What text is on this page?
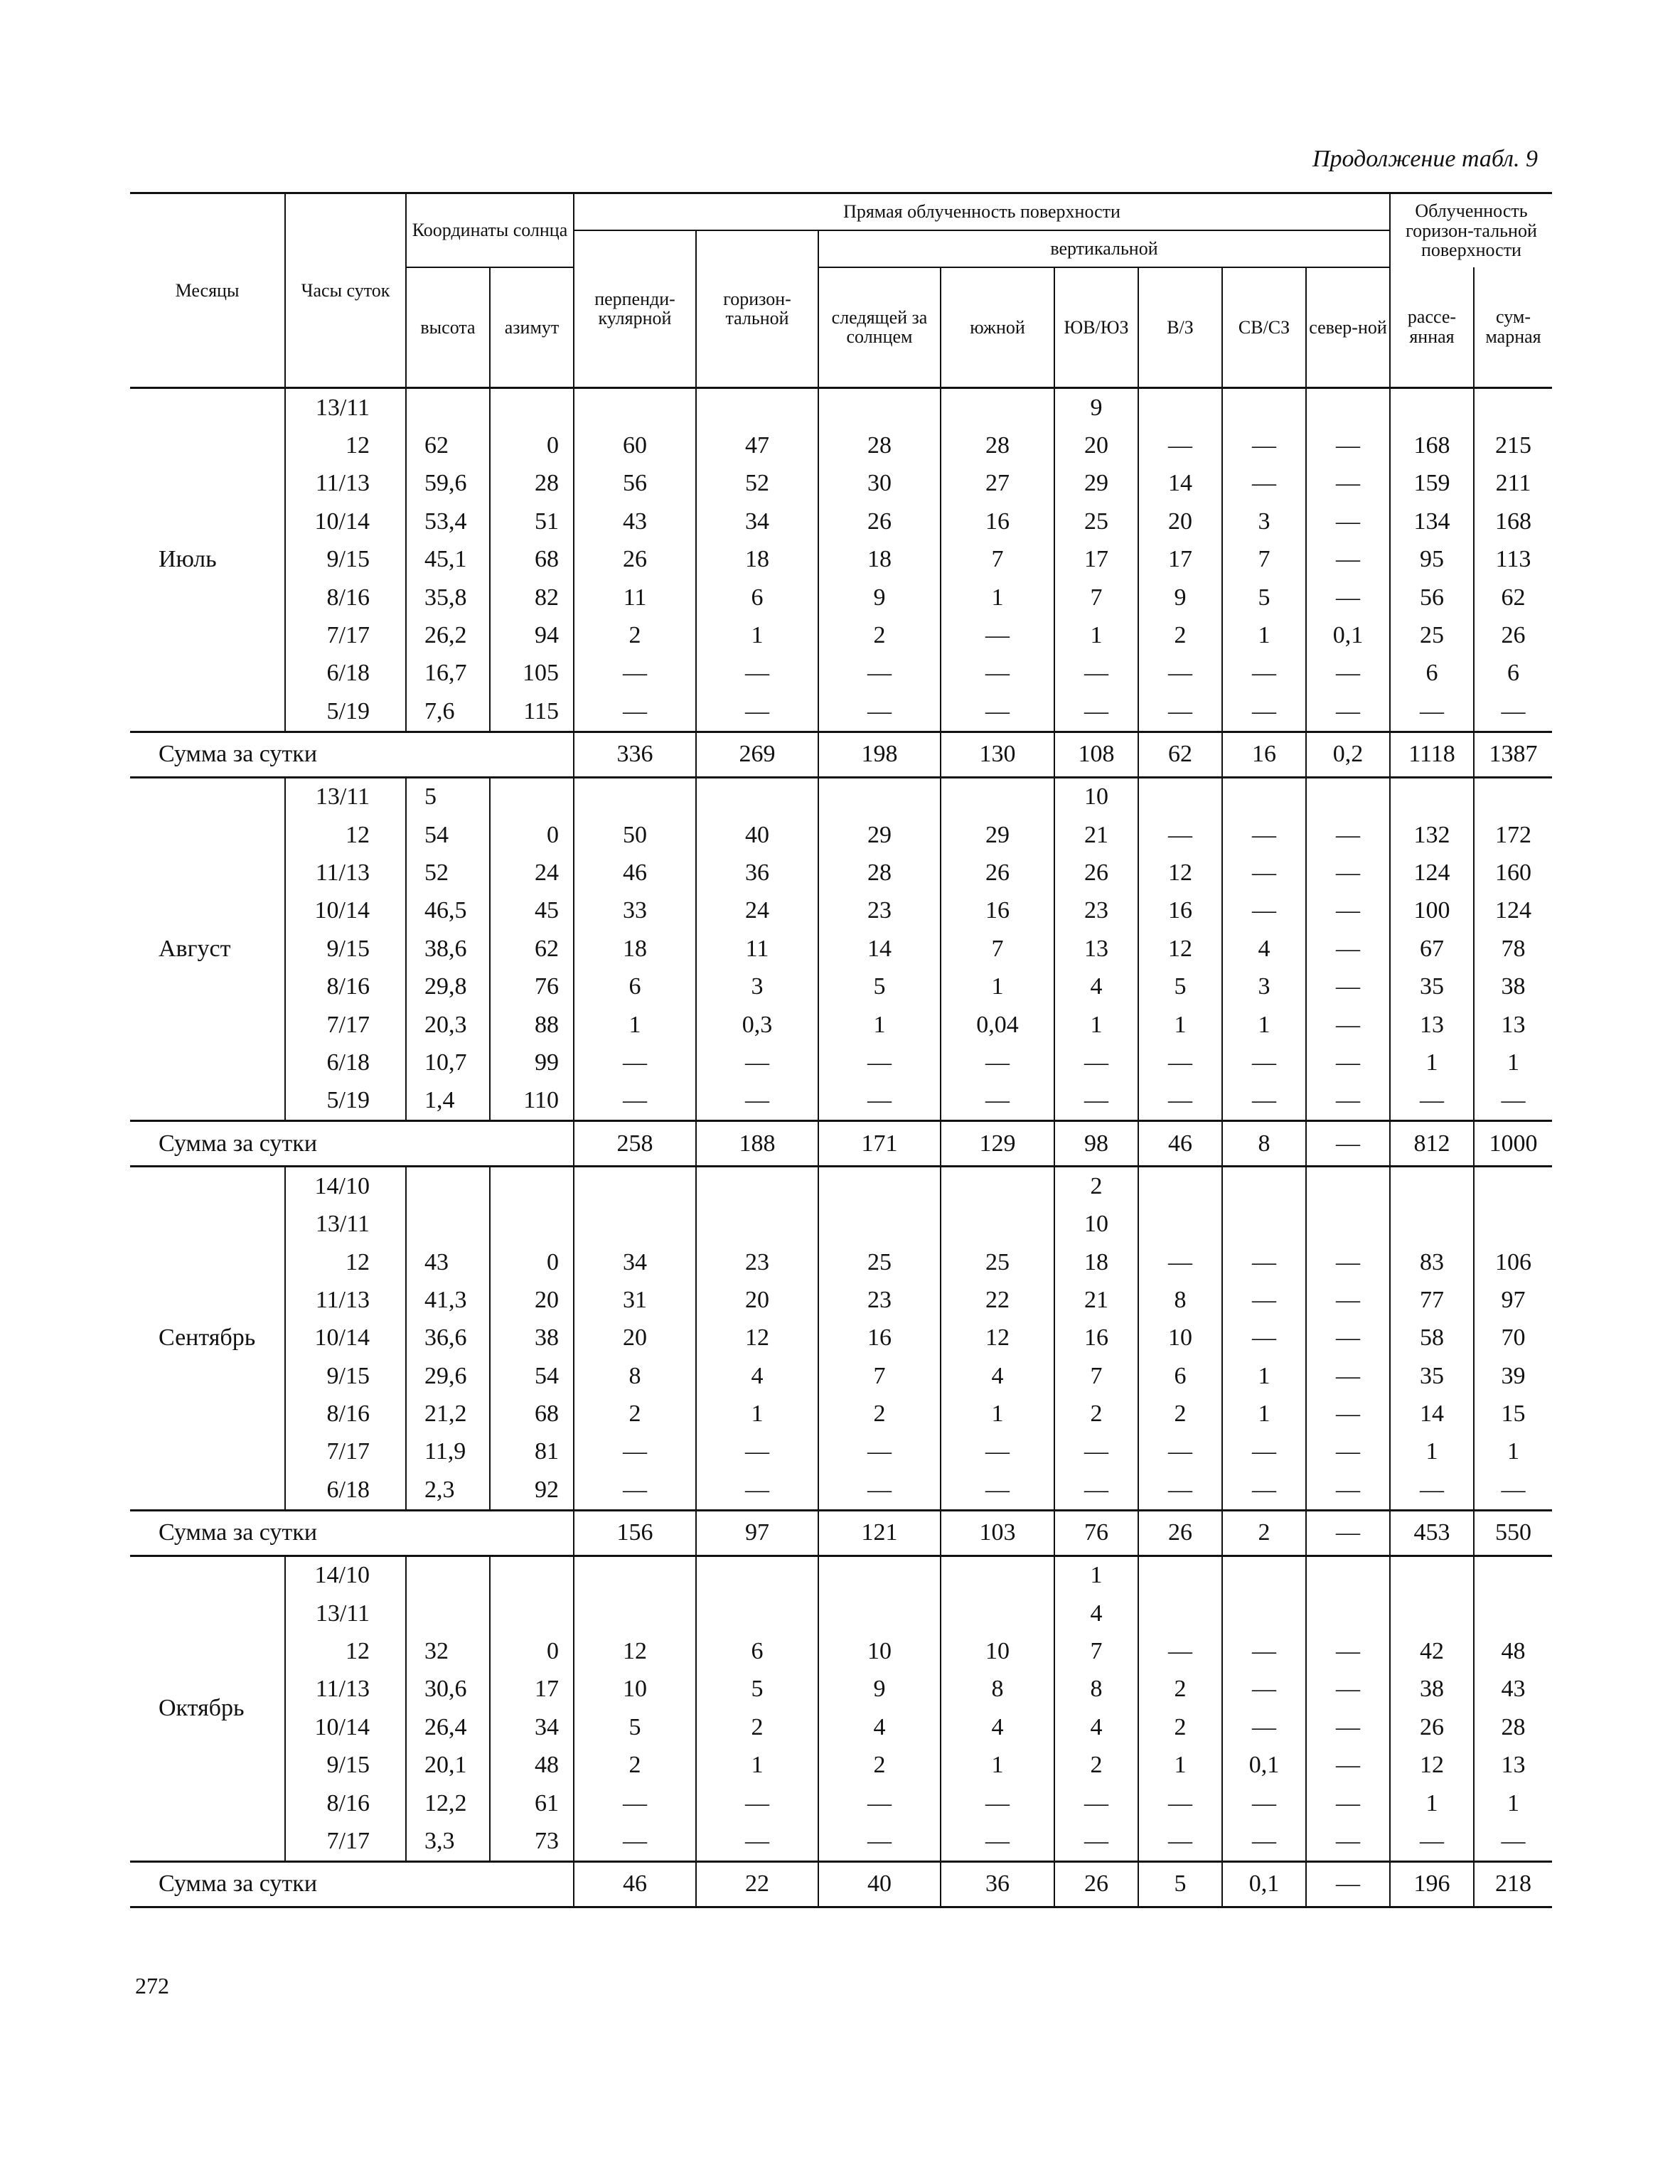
Продолжение табл. 9
Месяцы	Часы суток	Координаты солнца		Прямая облученность поверхности								Облученность горизон-тальной поверхности	
				перпенди-кулярной	горизон-тальной	вертикальной							
		высота	азимут			следящей за солнцем	южной	ЮВ/ЮЗ	В/З	СВ/СЗ	север-ной	рассе-янная	сум-марная
Июль	13/11							9					
	12	62	0	60	47	28	28	20	—	—	—	168	215
	11/13	59,6	28	56	52	30	27	29	14	—	—	159	211
	10/14	53,4	51	43	34	26	16	25	20	3	—	134	168
	9/15	45,1	68	26	18	18	7	17	17	7	—	95	113
	8/16	35,8	82	11	6	9	1	7	9	5	—	56	62
	7/17	26,2	94	2	1	2	—	1	2	1	0,1	25	26
	6/18	16,7	105	—	—	—	—	—	—	—	—	6	6
	5/19	7,6	115	—	—	—	—	—	—	—	—	—	—
Сумма за сутки				336	269	198	130	108	62	16	0,2	1118	1387
Август	13/11	5						10					
	12	54	0	50	40	29	29	21	—	—	—	132	172
	11/13	52	24	46	36	28	26	26	12	—	—	124	160
	10/14	46,5	45	33	24	23	16	23	16	—	—	100	124
	9/15	38,6	62	18	11	14	7	13	12	4	—	67	78
	8/16	29,8	76	6	3	5	1	4	5	3	—	35	38
	7/17	20,3	88	1	0,3	1	0,04	1	1	1	—	13	13
	6/18	10,7	99	—	—	—	—	—	—	—	—	1	1
	5/19	1,4	110	—	—	—	—	—	—	—	—	—	—
Сумма за сутки				258	188	171	129	98	46	8	—	812	1000
Сентябрь	14/10							2					
	13/11							10					
	12	43	0	34	23	25	25	18	—	—	—	83	106
	11/13	41,3	20	31	20	23	22	21	8	—	—	77	97
	10/14	36,6	38	20	12	16	12	16	10	—	—	58	70
	9/15	29,6	54	8	4	7	4	7	6	1	—	35	39
	8/16	21,2	68	2	1	2	1	2	2	1	—	14	15
	7/17	11,9	81	—	—	—	—	—	—	—	—	1	1
	6/18	2,3	92	—	—	—	—	—	—	—	—	—	—
Сумма за сутки				156	97	121	103	76	26	2	—	453	550
Октябрь	14/10							1					
	13/11							4					
	12	32	0	12	6	10	10	7	—	—	—	42	48
	11/13	30,6	17	10	5	9	8	8	2	—	—	38	43
	10/14	26,4	34	5	2	4	4	4	2	—	—	26	28
	9/15	20,1	48	2	1	2	1	2	1	0,1	—	12	13
	8/16	12,2	61	—	—	—	—	—	—	—	—	1	1
	7/17	3,3	73	—	—	—	—	—	—	—	—	—	—
Сумма за сутки				46	22	40	36	26	5	0,1	—	196	218
272
